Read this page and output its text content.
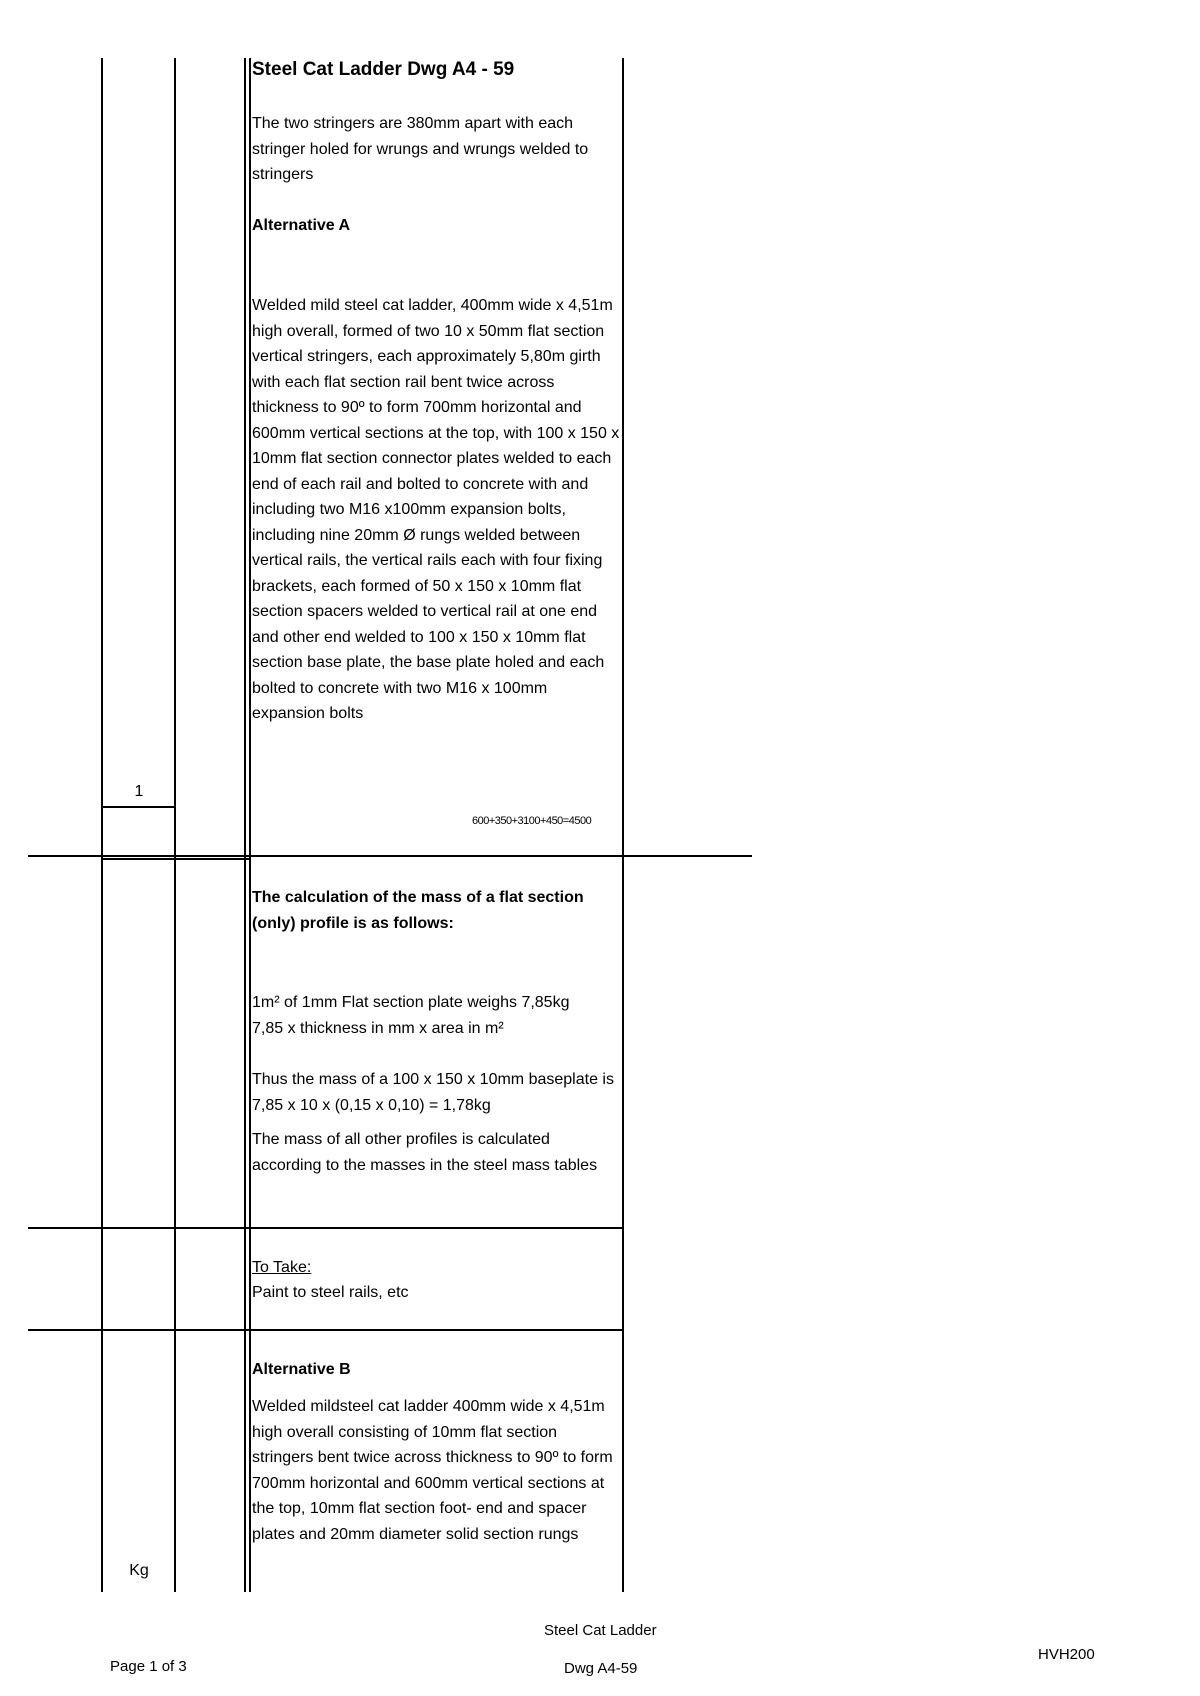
Steel Cat Ladder Dwg A4 - 59
The two stringers are 380mm apart with each stringer holed for wrungs and wrungs welded to stringers
Alternative A
Welded mild steel cat ladder, 400mm wide x 4,51m high overall, formed of two 10 x 50mm flat section vertical stringers, each approximately 5,80m girth with each flat section rail bent twice across thickness to 90º to form 700mm horizontal and 600mm vertical sections at the top, with 100 x 150 x 10mm flat section connector plates welded to each end of each rail and bolted to concrete with and including two M16 x100mm expansion bolts, including nine 20mm Ø rungs welded between vertical rails, the vertical rails each with four fixing brackets, each formed of 50 x 150 x 10mm flat section spacers welded to vertical rail at one end and other end welded to 100 x 150 x 10mm flat section base plate, the base plate holed and each bolted to concrete with two M16 x 100mm expansion bolts
1
600+350+3100+450=4500
The calculation of the mass of a flat section (only) profile is as follows:
1m² of 1mm Flat section plate weighs 7,85kg
7,85 x thickness in mm x area in m²
Thus the mass of a 100 x 150 x 10mm baseplate is 7,85 x 10 x (0,15 x 0,10) = 1,78kg
The mass of all other profiles is calculated according to the masses in the steel mass tables
To Take:
Paint to steel rails, etc
Alternative B
Welded mildsteel cat ladder 400mm wide x 4,51m high overall consisting of 10mm flat section stringers bent twice across thickness to 90º to form 700mm horizontal and 600mm vertical sections at the top, 10mm flat section foot- end and spacer plates and 20mm diameter solid section rungs
Kg
Steel Cat Ladder
Dwg A4-59
Page 1 of 3
HVH200
